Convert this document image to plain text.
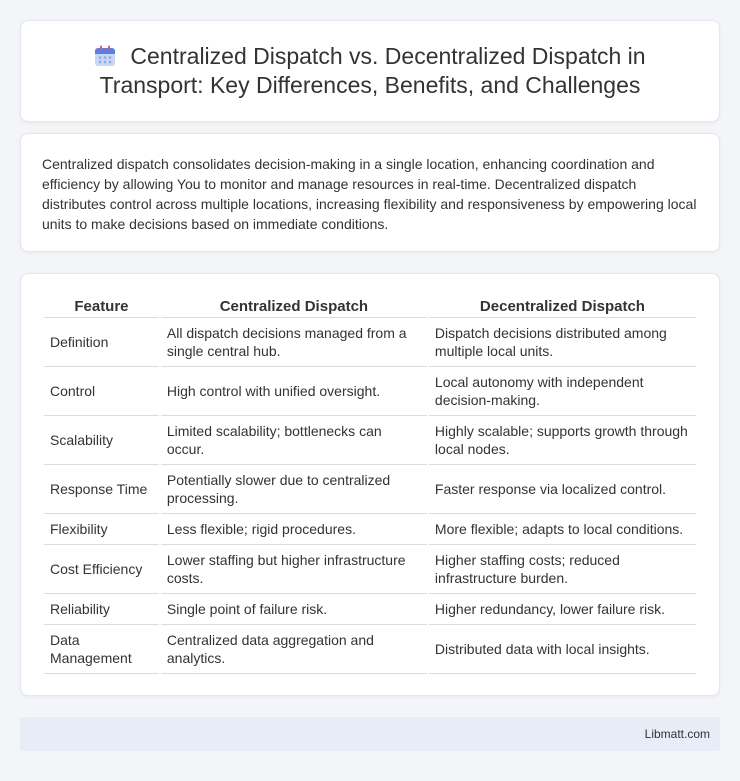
Centralized Dispatch vs. Decentralized Dispatch in Transport: Key Differences, Benefits, and Challenges

Centralized dispatch consolidates decision-making in a single location, enhancing coordination and efficiency by allowing You to monitor and manage resources in real-time. Decentralized dispatch distributes control across multiple locations, increasing flexibility and responsiveness by empowering local units to make decisions based on immediate conditions.

Feature	Centralized Dispatch	Decentralized Dispatch
Definition	All dispatch decisions managed from a single central hub.	Dispatch decisions distributed among multiple local units.
Control	High control with unified oversight.	Local autonomy with independent decision-making.
Scalability	Limited scalability; bottlenecks can occur.	Highly scalable; supports growth through local nodes.
Response Time	Potentially slower due to centralized processing.	Faster response via localized control.
Flexibility	Less flexible; rigid procedures.	More flexible; adapts to local conditions.
Cost Efficiency	Lower staffing but higher infrastructure costs.	Higher staffing costs; reduced infrastructure burden.
Reliability	Single point of failure risk.	Higher redundancy, lower failure risk.
Data Management	Centralized data aggregation and analytics.	Distributed data with local insights.
Libmatt.com
